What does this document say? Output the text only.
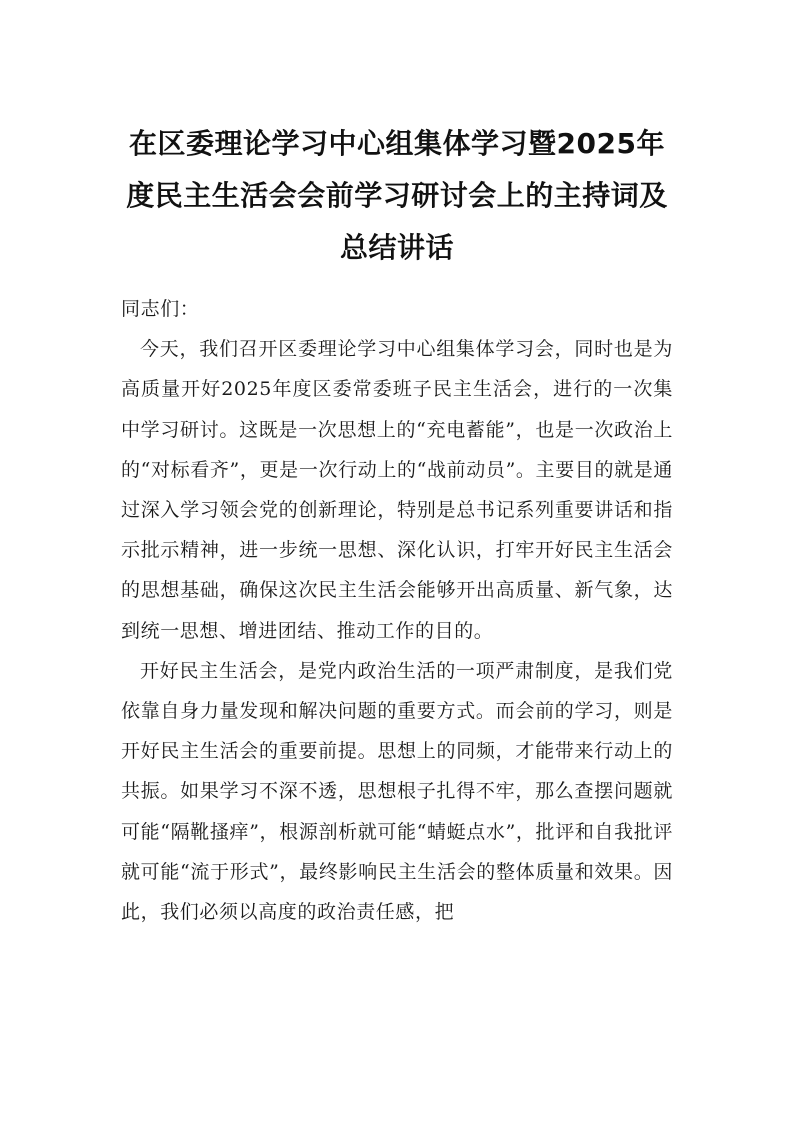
在区委理论学习中心组集体学习暨2025年度民主生活会会前学习研讨会上的主持词及总结讲话

同志们：

今天，我们召开区委理论学习中心组集体学习会，同时也是为高质量开好2025年度区委常委班子民主生活会，进行的一次集中学习研讨。这既是一次思想上的“充电蓄能”，也是一次政治上的“对标看齐”，更是一次行动上的“战前动员”。主要目的就是通过深入学习领会党的创新理论，特别是总书记系列重要讲话和指示批示精神，进一步统一思想、深化认识，打牢开好民主生活会的思想基础，确保这次民主生活会能够开出高质量、新气象，达到统一思想、增进团结、推动工作的目的。

开好民主生活会，是党内政治生活的一项严肃制度，是我们党依靠自身力量发现和解决问题的重要方式。而会前的学习，则是开好民主生活会的重要前提。思想上的同频，才能带来行动上的共振。如果学习不深不透，思想根子扎得不牢，那么查摆问题就可能“隔靴搔痒”，根源剖析就可能“蜻蜓点水”，批评和自我批评就可能“流于形式”，最终影响民主生活会的整体质量和效果。因此，我们必须以高度的政治责任感，把
